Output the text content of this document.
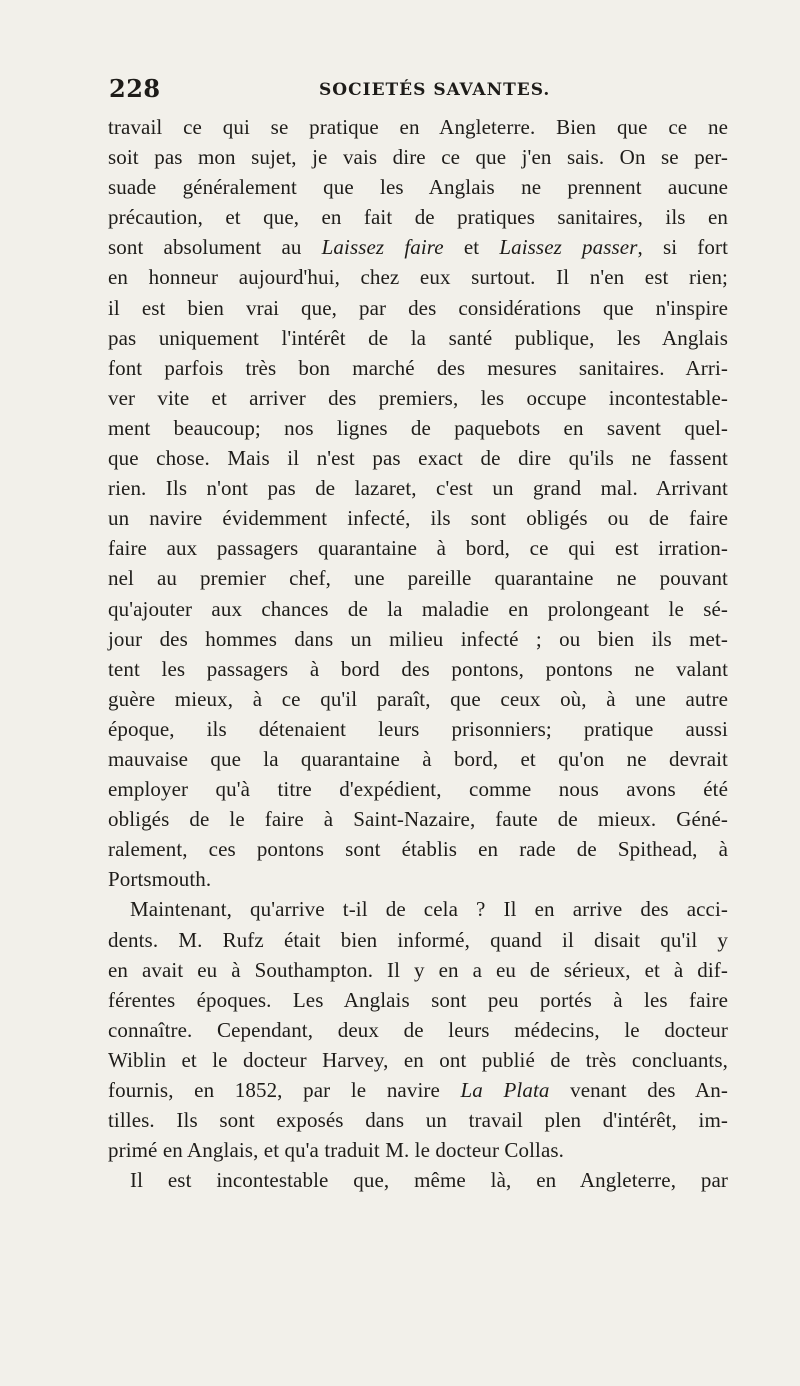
228	SOCIETÉS SAVANTES.
travail ce qui se pratique en Angleterre. Bien que ce ne
soit pas mon sujet, je vais dire ce que j'en sais. On se per-
suade généralement que les Anglais ne prennent aucune
précaution, et que, en fait de pratiques sanitaires, ils en
sont absolument au Laissez faire et Laissez passer, si fort
en honneur aujourd'hui, chez eux surtout. Il n'en est rien;
il est bien vrai que, par des considérations que n'inspire
pas uniquement l'intérêt de la santé publique, les Anglais
font parfois très bon marché des mesures sanitaires. Arri-
ver vite et arriver des premiers, les occupe incontestable-
ment beaucoup; nos lignes de paquebots en savent quel-
que chose. Mais il n'est pas exact de dire qu'ils ne fassent
rien. Ils n'ont pas de lazaret, c'est un grand mal. Arrivant
un navire évidemment infecté, ils sont obligés ou de faire
faire aux passagers quarantaine à bord, ce qui est irration-
nel au premier chef, une pareille quarantaine ne pouvant
qu'ajouter aux chances de la maladie en prolongeant le sé-
jour des hommes dans un milieu infecté ; ou bien ils met-
tent les passagers à bord des pontons, pontons ne valant
guère mieux, à ce qu'il paraît, que ceux où, à une autre
époque, ils détenaient leurs prisonniers; pratique aussi
mauvaise que la quarantaine à bord, et qu'on ne devrait
employer qu'à titre d'expédient, comme nous avons été
obligés de le faire à Saint-Nazaire, faute de mieux. Géné-
ralement, ces pontons sont établis en rade de Spithead, à
Portsmouth.
Maintenant, qu'arrive t-il de cela ? Il en arrive des acci-
dents. M. Rufz était bien informé, quand il disait qu'il y
en avait eu à Southampton. Il y en a eu de sérieux, et à dif-
férentes époques. Les Anglais sont peu portés à les faire
connaître. Cependant, deux de leurs médecins, le docteur
Wiblin et le docteur Harvey, en ont publié de très concluants,
fournis, en 1852, par le navire La Plata venant des An-
tilles. Ils sont exposés dans un travail plen d'intérêt, im-
primé en Anglais, et qu'a traduit M. le docteur Collas.
Il est incontestable que, même là, en Angleterre, par
